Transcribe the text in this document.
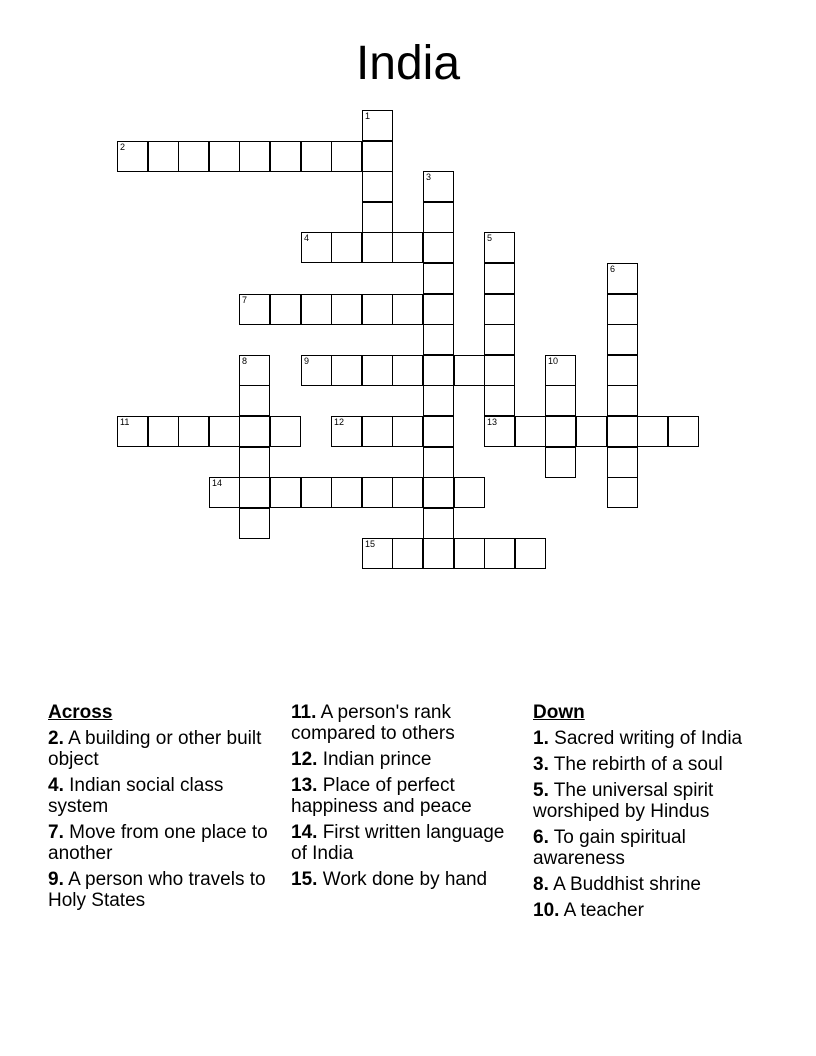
India
1
2
3
4	5
6
7
8	9	10
11	12	13
14
15
Across
2. A building or other built object
4. Indian social class system
7. Move from one place to another
9. A person who travels to Holy States
11. A person's rank compared to others
12. Indian prince
13. Place of perfect happiness and peace
14. First written language of India
15. Work done by hand
Down
1. Sacred writing of India
3. The rebirth of a soul
5. The universal spirit worshiped by Hindus
6. To gain spiritual awareness
8. A Buddhist shrine
10. A teacher
